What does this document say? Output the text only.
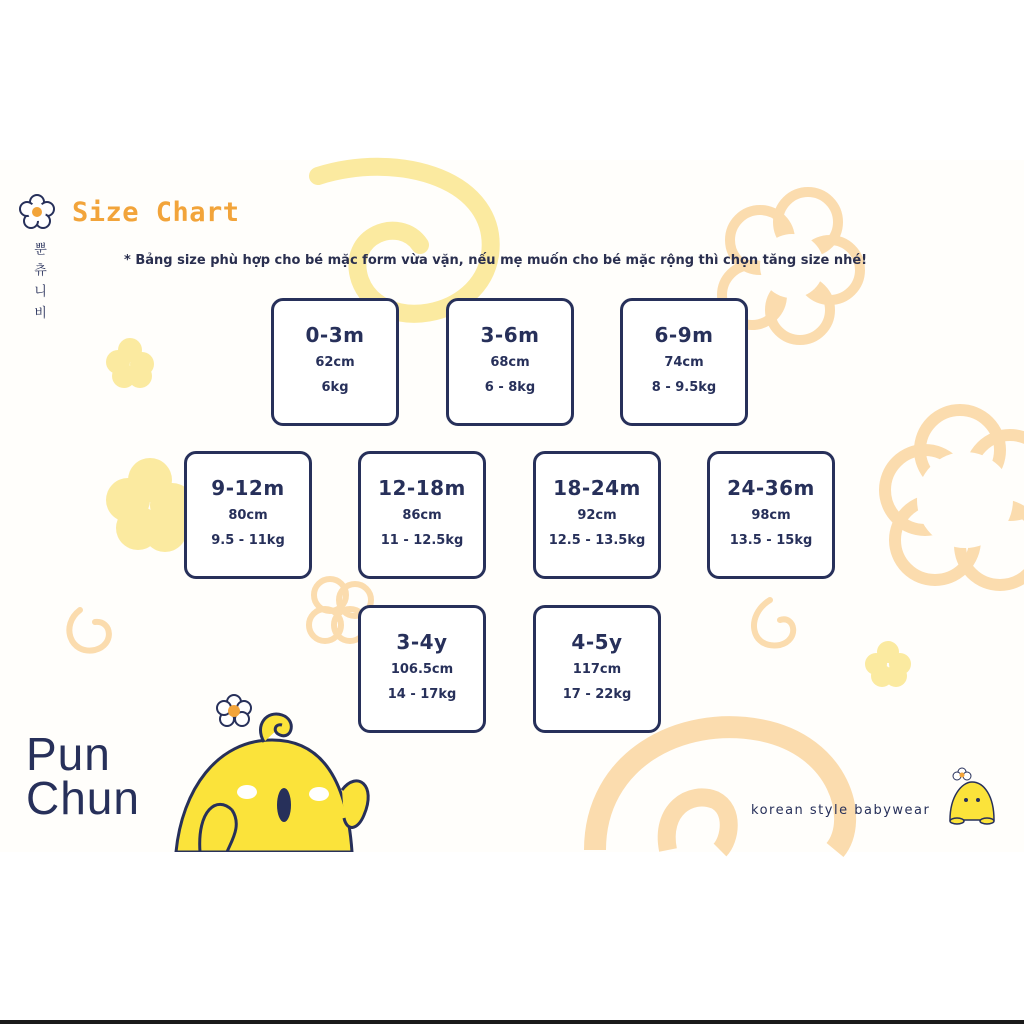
Size Chart
뿐 츄 니 비	* Bảng size phù hợp cho bé mặc form vừa vặn, nếu mẹ muốn cho bé mặc rộng thì chọn tăng size nhé!
0-3m
62cm
6kg
3-6m
68cm
6 - 8kg
6-9m
74cm
8 - 9.5kg
9-12m
80cm
9.5 - 11kg
12-18m
86cm
11 - 12.5kg
18-24m
92cm
12.5 - 13.5kg
24-36m
98cm
13.5 - 15kg
3-4y
106.5cm
14 - 17kg
4-5y
117cm
17 - 22kg
Pun
Chun	korean style babywear
